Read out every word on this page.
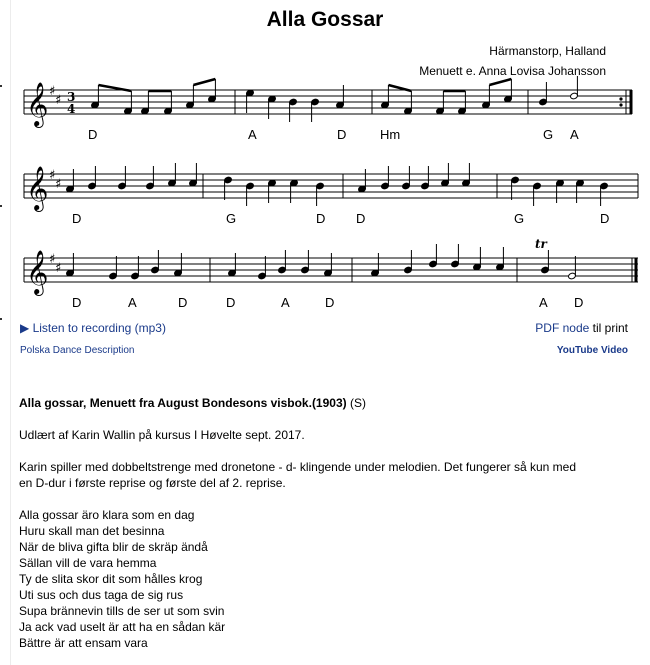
Alla Gossar
Härmanstorp, Halland
Menuett e. Anna Lovisa Johansson
𝄞
𝄞
𝄞
♯
♯
♯
♯
♯
♯
3
4
tr
D	A	D	Hm	G A
D	G	D D	G	D
D	A	D	D	A	D	A D
▶ Listen to recording (mp3)	PDF node til print
Polska Dance Description	YouTube Video
Alla gossar, Menuett fra August Bondesons visbok.(1903) (S)
Udlært af Karin Wallin på kursus I Høvelte sept. 2017.
Karin spiller med dobbeltstrenge med dronetone - d- klingende under melodien. Det fungerer så kun med
en D-dur i første reprise og første del af 2. reprise.
Alla gossar äro klara som en dag
Huru skall man det besinna
När de bliva gifta blir de skräp ändå
Sällan vill de vara hemma
Ty de slita skor dit som hålles krog
Uti sus och dus taga de sig rus
Supa brännevin tills de ser ut som svin
Ja ack vad uselt är att ha en sådan kär
Bättre är att ensam vara
